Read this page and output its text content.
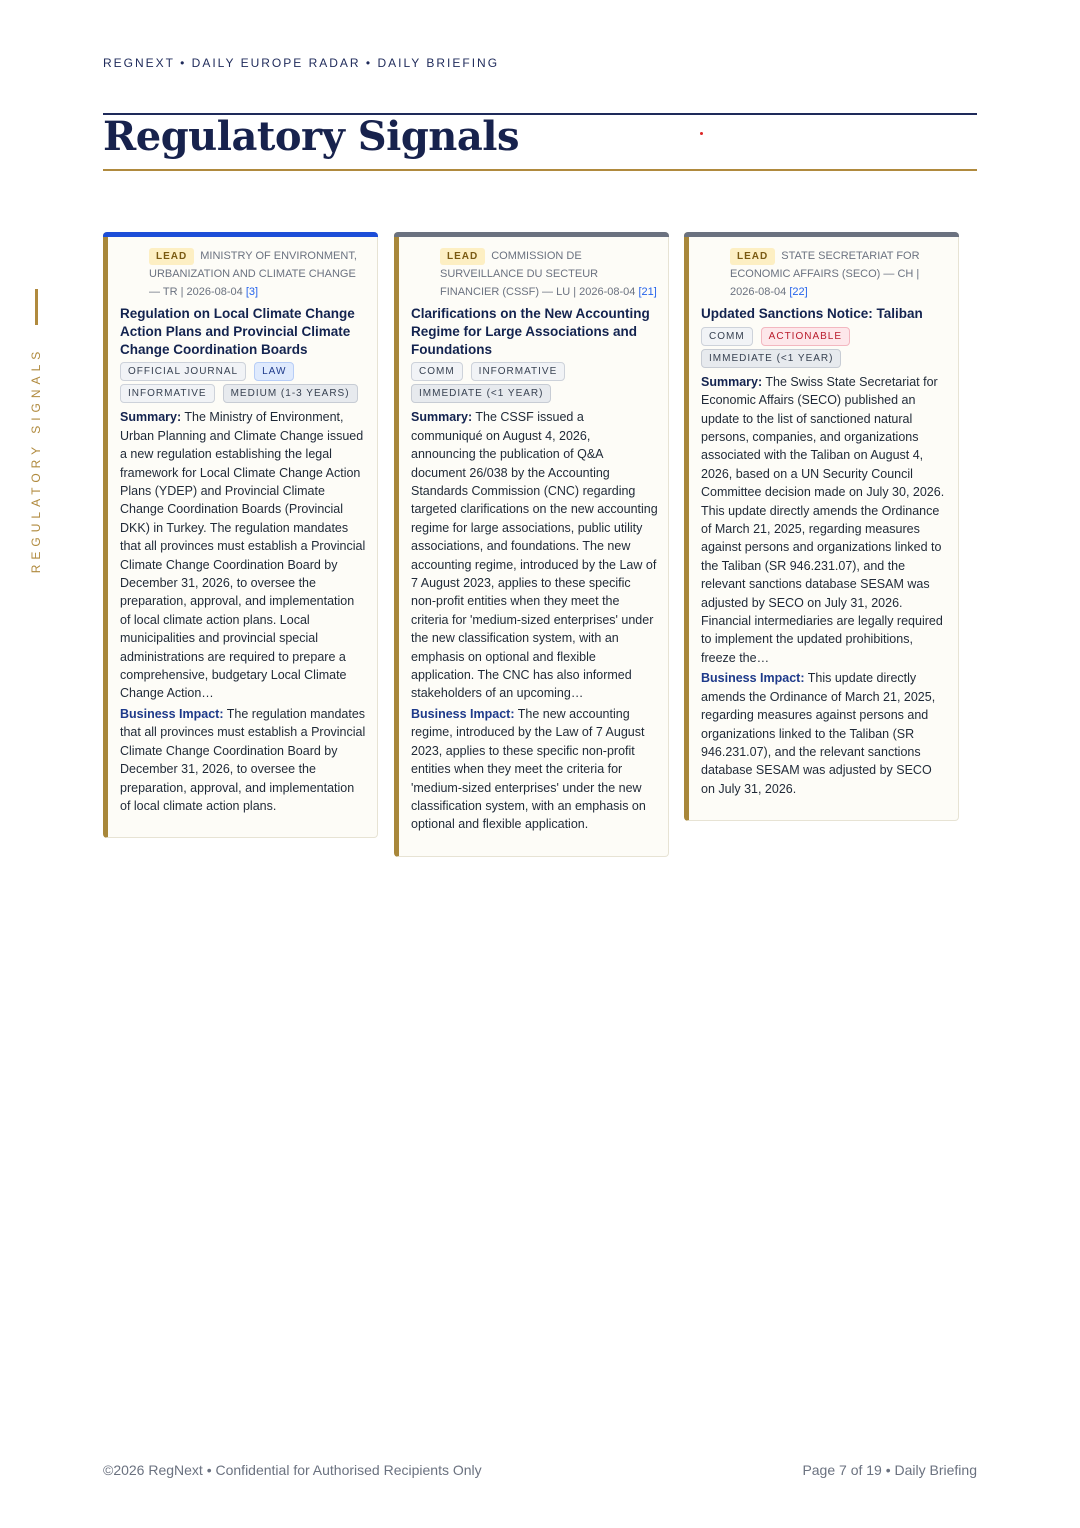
REGNEXT • DAILY EUROPE RADAR • DAILY BRIEFING
Regulatory Signals
REGULATORY SIGNALS
LEAD MINISTRY OF ENVIRONMENT, URBANIZATION AND CLIMATE CHANGE — TR | 2026-08-04 [3]
Regulation on Local Climate Change Action Plans and Provincial Climate Change Coordination Boards
OFFICIAL JOURNAL	LAW
INFORMATIVE	MEDIUM (1-3 YEARS)

Summary: The Ministry of Environment, Urban Planning and Climate Change issued a new regulation establishing the legal framework for Local Climate Change Action Plans (YDEP) and Provincial Climate Change Coordination Boards (Provincial DKK) in Turkey. The regulation mandates that all provinces must establish a Provincial Climate Change Coordination Board by December 31, 2026, to oversee the preparation, approval, and implementation of local climate action plans. Local municipalities and provincial special administrations are required to prepare a comprehensive, budgetary Local Climate Change Action…

Business Impact: The regulation mandates that all provinces must establish a Provincial Climate Change Coordination Board by December 31, 2026, to oversee the preparation, approval, and implementation of local climate action plans.

LEAD COMMISSION DE SURVEILLANCE DU SECTEUR FINANCIER (CSSF) — LU | 2026-08-04 [21]
Clarifications on the New Accounting Regime for Large Associations and Foundations
COMM	INFORMATIVE
IMMEDIATE (<1 YEAR)

Summary: The CSSF issued a communiqué on August 4, 2026, announcing the publication of Q&A document 26/038 by the Accounting Standards Commission (CNC) regarding targeted clarifications on the new accounting regime for large associations, public utility associations, and foundations. The new accounting regime, introduced by the Law of 7 August 2023, applies to these specific non-profit entities when they meet the criteria for 'medium-sized enterprises' under the new classification system, with an emphasis on optional and flexible application. The CNC has also informed stakeholders of an upcoming…

Business Impact: The new accounting regime, introduced by the Law of 7 August 2023, applies to these specific non-profit entities when they meet the criteria for 'medium-sized enterprises' under the new classification system, with an emphasis on optional and flexible application.

LEAD STATE SECRETARIAT FOR ECONOMIC AFFAIRS (SECO) — CH | 2026-08-04 [22]
Updated Sanctions Notice: Taliban
COMM	ACTIONABLE
IMMEDIATE (<1 YEAR)

Summary: The Swiss State Secretariat for Economic Affairs (SECO) published an update to the list of sanctioned natural persons, companies, and organizations associated with the Taliban on August 4, 2026, based on a UN Security Council Committee decision made on July 30, 2026. This update directly amends the Ordinance of March 21, 2025, regarding measures against persons and organizations linked to the Taliban (SR 946.231.07), and the relevant sanctions database SESAM was adjusted by SECO on July 31, 2026. Financial intermediaries are legally required to implement the updated prohibitions, freeze the…

Business Impact: This update directly amends the Ordinance of March 21, 2025, regarding measures against persons and organizations linked to the Taliban (SR 946.231.07), and the relevant sanctions database SESAM was adjusted by SECO on July 31, 2026.

©2026 RegNext • Confidential for Authorised Recipients Only	Page 7 of 19 • Daily Briefing
